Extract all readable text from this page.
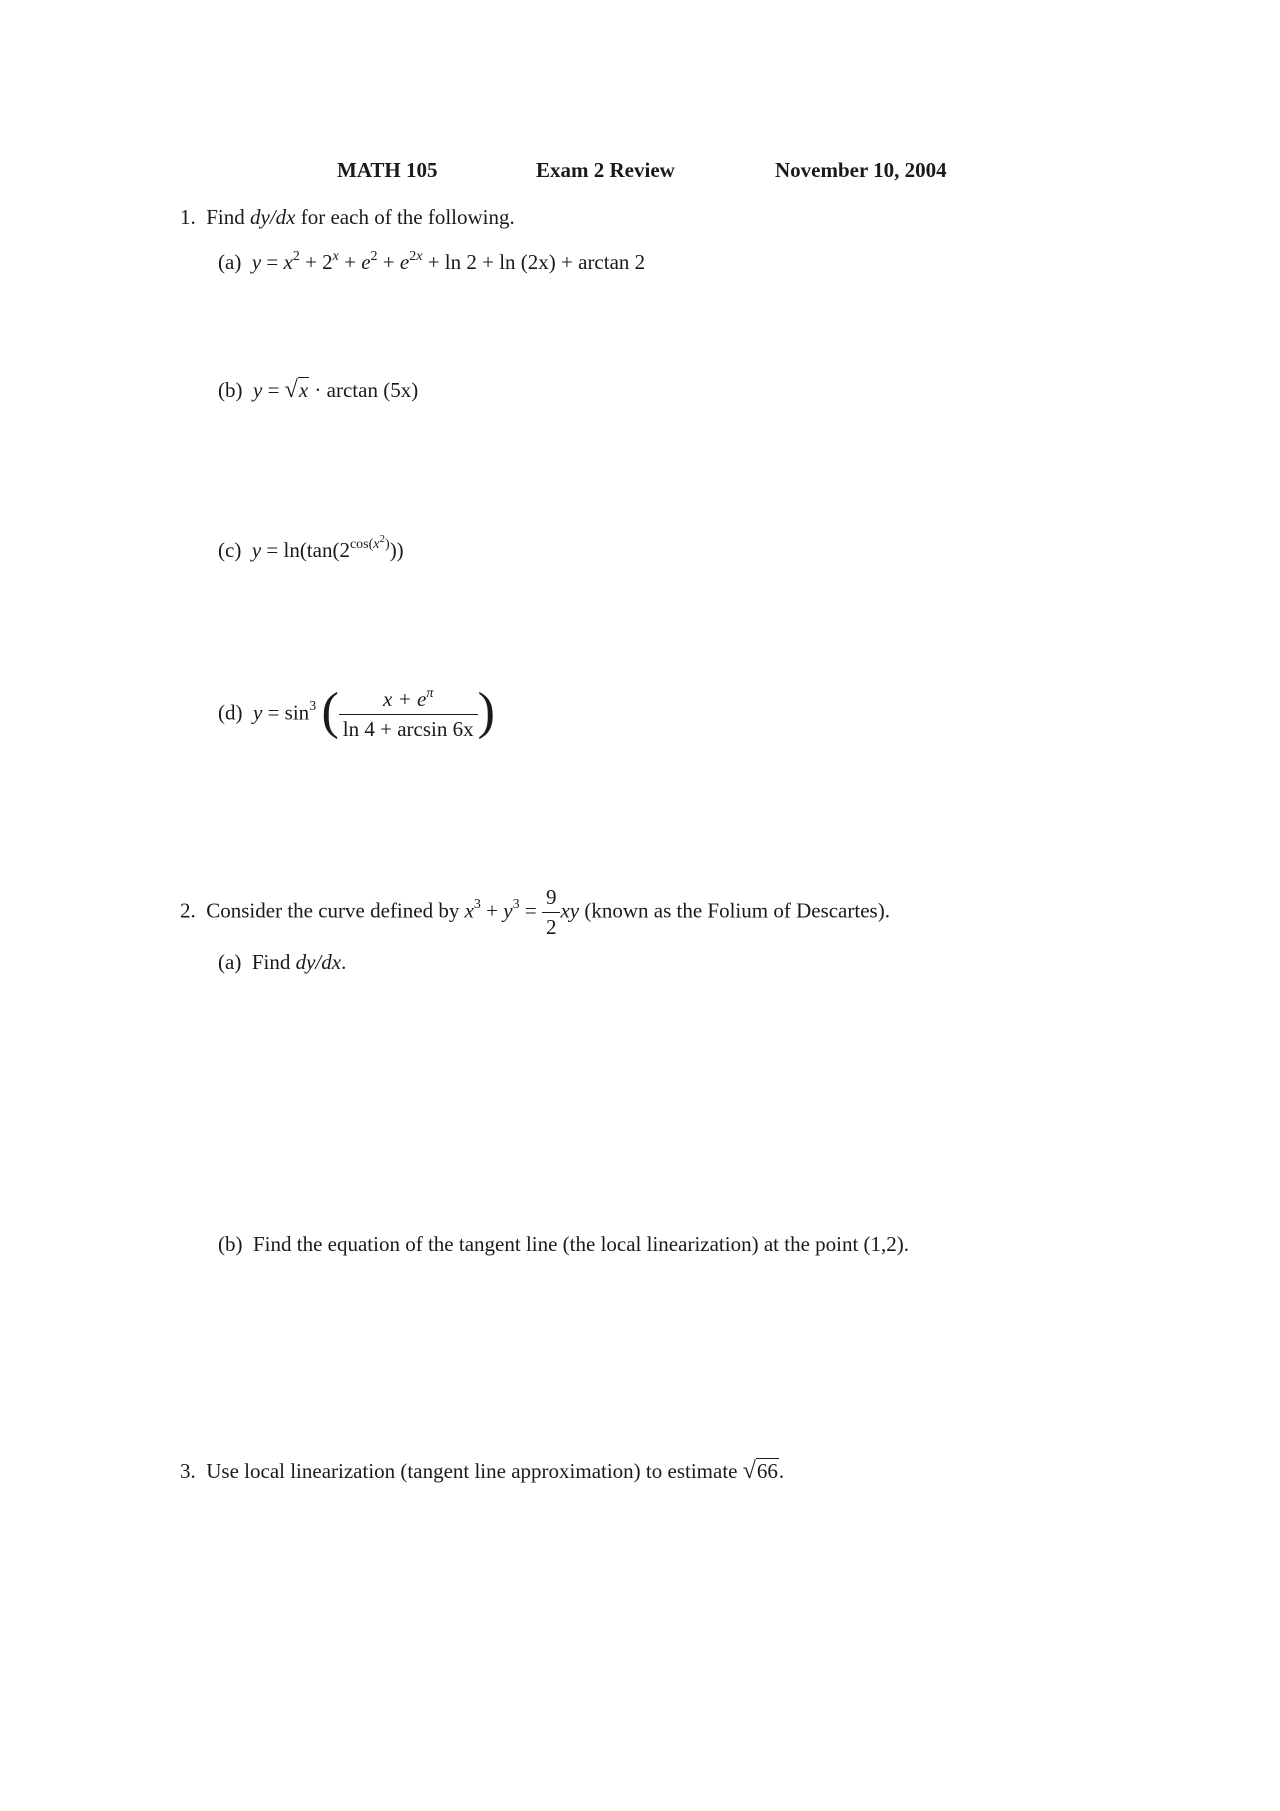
MATH 105	Exam 2 Review	November 10, 2004
1. Find dy/dx for each of the following.
(a) $y = x^2 + 2^x + e^2 + e^{2x} + \ln 2 + \ln (2x) + \arctan 2$
(b) y = √x · arctan (5x)
(c) $y = \ln(\tan(2^{cos(x^2)}))$
(d) $y = \sin^3$ ( $\frac{x + e^\pi}{\ln 4 + \arcsin 6x}$ )
2. Consider the curve defined by $x^3 + y^3 = \frac{9}{2}$ xy (known as the Folium of Descartes).
(a) Find dy/dx.
(b) Find the equation of the tangent line (the local linearization) at the point (1,2).
3. Use local linearization (tangent line approximation) to estimate √66.
